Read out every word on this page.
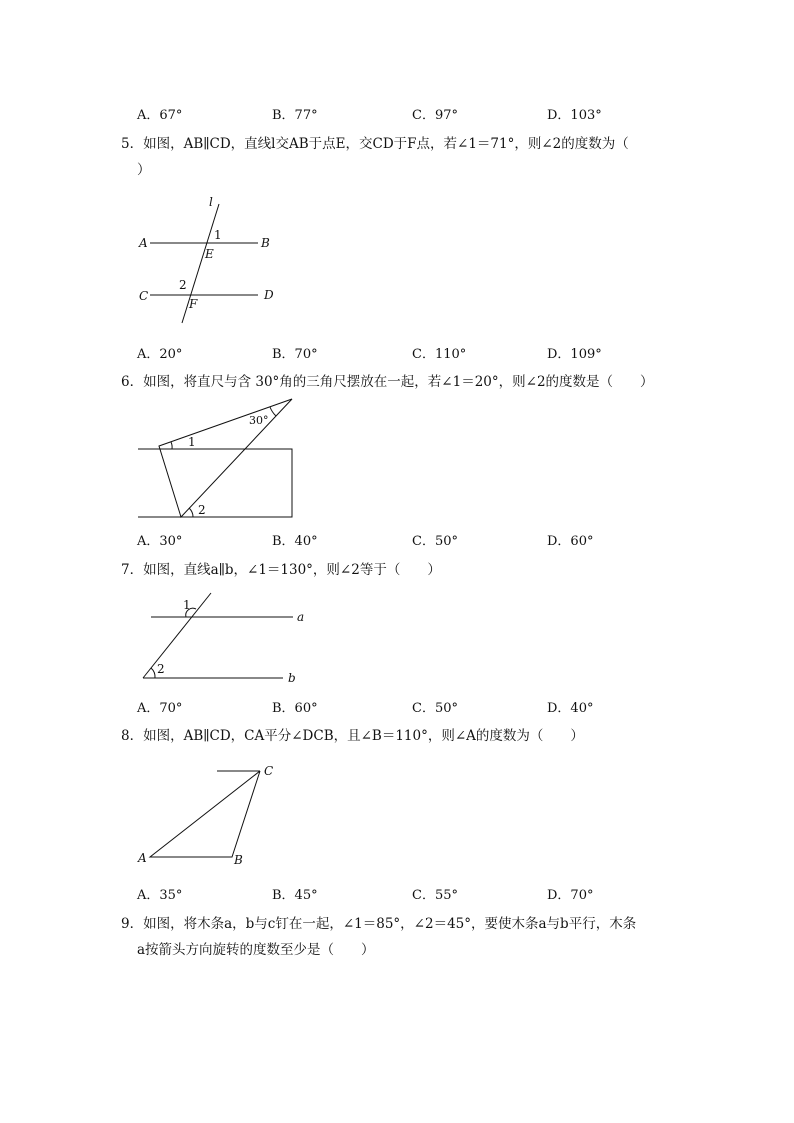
A．67°	B．77°	C．97°	D．103°
5．如图，AB∥CD，直线l交AB于点E，交CD于F点，若∠1＝71°，则∠2的度数为（
）
l
A	B
1
E
C	D
2
F
A．20°	B．70°	C．110°	D．109°
6．如图，将直尺与含 30°角的三角尺摆放在一起，若∠1＝20°，则∠2的度数是（　　）
30°
1
2
A．30°	B．40°	C．50°	D．60°
7．如图，直线a∥b，∠1＝130°，则∠2等于（　　）
1
a
2
b
A．70°	B．60°	C．50°	D．40°
8．如图，AB∥CD，CA平分∠DCB，且∠B＝110°，则∠A的度数为（　　）
C
A	B
A．35°	B．45°	C．55°	D．70°
9．如图，将木条a，b与c钉在一起，∠1＝85°，∠2＝45°，要使木条a与b平行，木条
a按箭头方向旋转的度数至少是（　　）
